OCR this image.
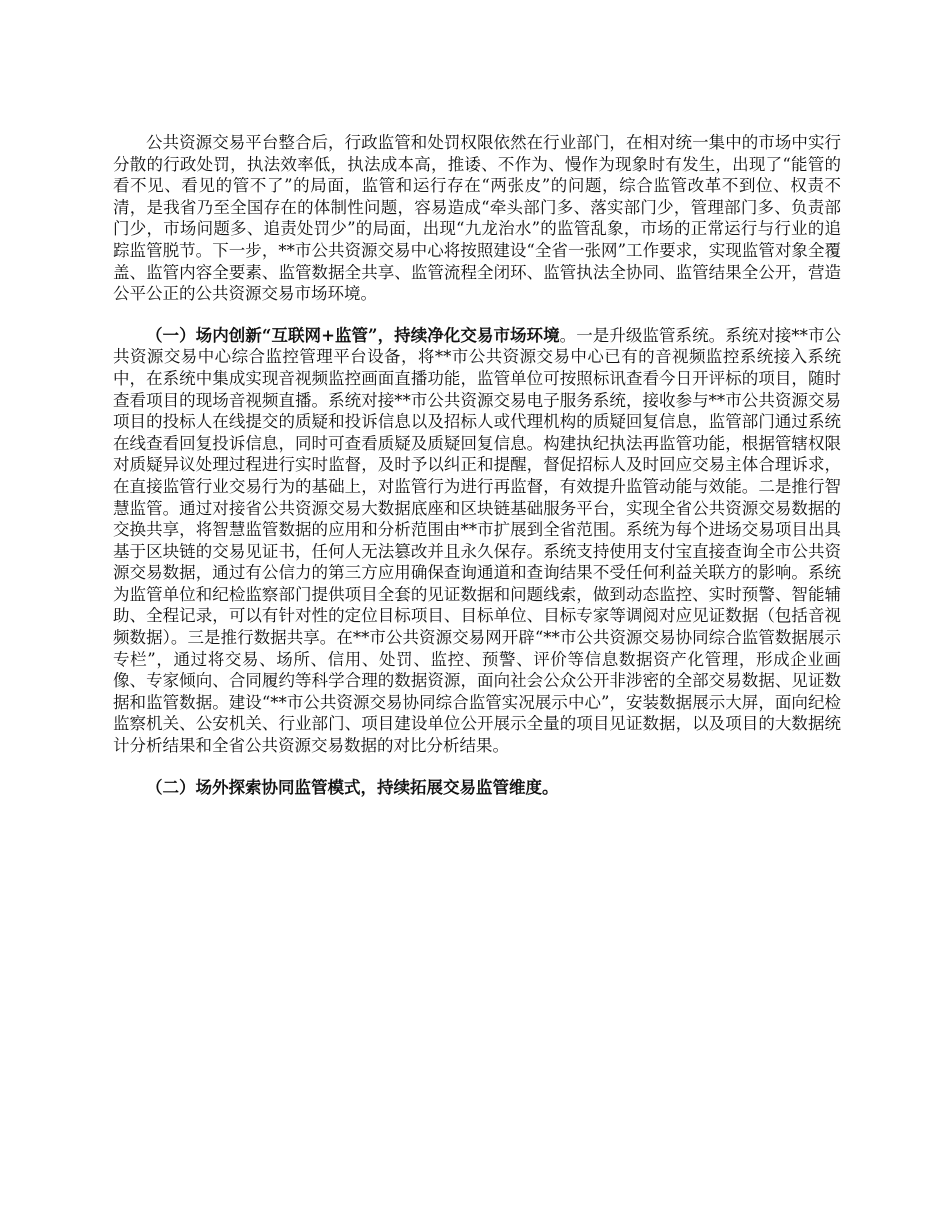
公共资源交易平台整合后，行政监管和处罚权限依然在行业部门，在相对统一集中的市场中实行分散的行政处罚，执法效率低，执法成本高，推诿、不作为、慢作为现象时有发生，出现了“能管的看不见、看见的管不了”的局面，监管和运行存在“两张皮”的问题，综合监管改革不到位、权责不清，是我省乃至全国存在的体制性问题，容易造成“牵头部门多、落实部门少，管理部门多、负责部门少，市场问题多、追责处罚少”的局面，出现“九龙治水”的监管乱象，市场的正常运行与行业的追踪监管脱节。下一步，**市公共资源交易中心将按照建设“全省一张网”工作要求，实现监管对象全覆盖、监管内容全要素、监管数据全共享、监管流程全闭环、监管执法全协同、监管结果全公开，营造公平公正的公共资源交易市场环境。

（一）场内创新“互联网+监管”，持续净化交易市场环境。一是升级监管系统。系统对接**市公共资源交易中心综合监控管理平台设备，将**市公共资源交易中心已有的音视频监控系统接入系统中，在系统中集成实现音视频监控画面直播功能，监管单位可按照标讯查看今日开评标的项目，随时查看项目的现场音视频直播。系统对接**市公共资源交易电子服务系统，接收参与**市公共资源交易项目的投标人在线提交的质疑和投诉信息以及招标人或代理机构的质疑回复信息，监管部门通过系统在线查看回复投诉信息，同时可查看质疑及质疑回复信息。构建执纪执法再监管功能，根据管辖权限对质疑异议处理过程进行实时监督，及时予以纠正和提醒，督促招标人及时回应交易主体合理诉求，在直接监管行业交易行为的基础上，对监管行为进行再监督，有效提升监管动能与效能。二是推行智慧监管。通过对接省公共资源交易大数据底座和区块链基础服务平台，实现全省公共资源交易数据的交换共享，将智慧监管数据的应用和分析范围由**市扩展到全省范围。系统为每个进场交易项目出具基于区块链的交易见证书，任何人无法篡改并且永久保存。系统支持使用支付宝直接查询全市公共资源交易数据，通过有公信力的第三方应用确保查询通道和查询结果不受任何利益关联方的影响。系统为监管单位和纪检监察部门提供项目全套的见证数据和问题线索，做到动态监控、实时预警、智能辅助、全程记录，可以有针对性的定位目标项目、目标单位、目标专家等调阅对应见证数据（包括音视频数据）。三是推行数据共享。在**市公共资源交易网开辟“**市公共资源交易协同综合监管数据展示专栏”，通过将交易、场所、信用、处罚、监控、预警、评价等信息数据资产化管理，形成企业画像、专家倾向、合同履约等科学合理的数据资源，面向社会公众公开非涉密的全部交易数据、见证数据和监管数据。建设“**市公共资源交易协同综合监管实况展示中心”，安装数据展示大屏，面向纪检监察机关、公安机关、行业部门、项目建设单位公开展示全量的项目见证数据，以及项目的大数据统计分析结果和全省公共资源交易数据的对比分析结果。

（二）场外探索协同监管模式，持续拓展交易监管维度。
